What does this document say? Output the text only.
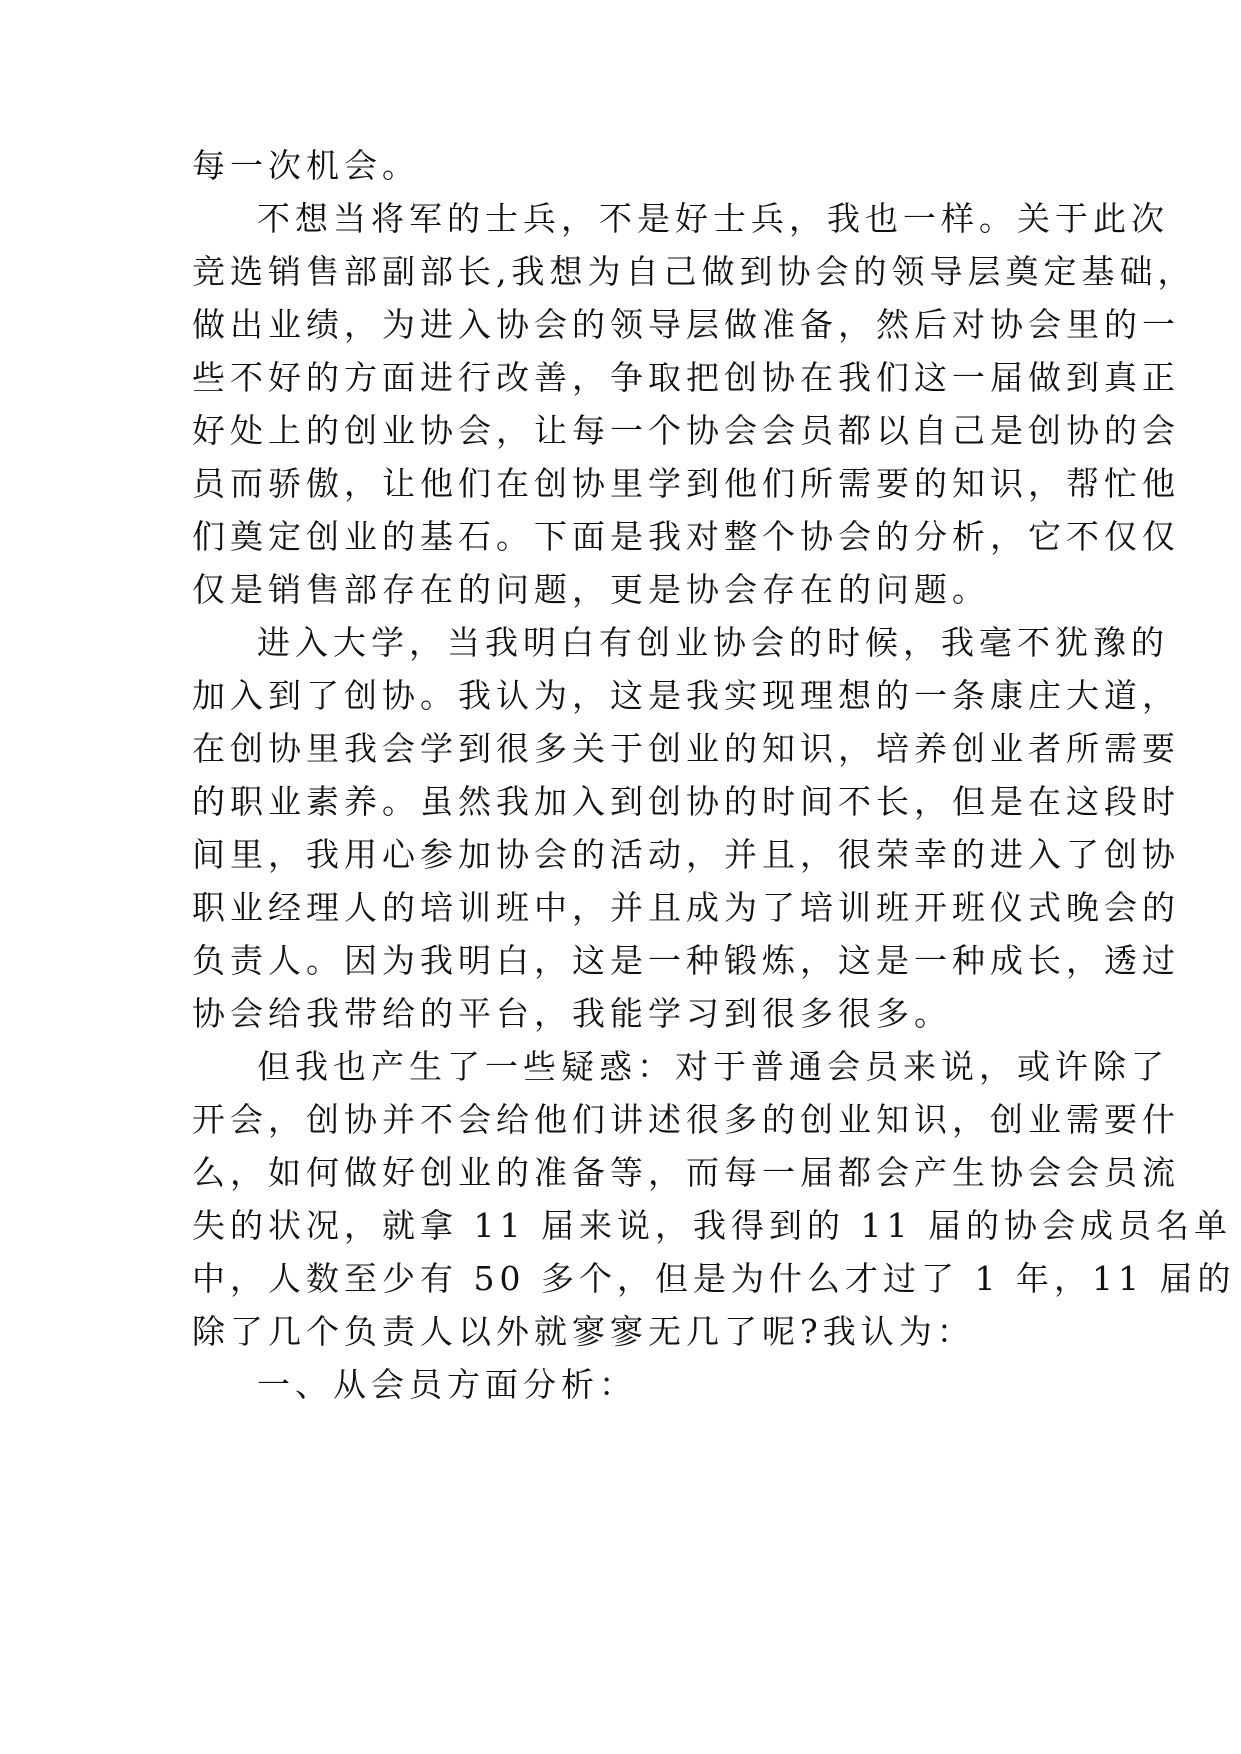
每一次机会。
不想当将军的士兵，不是好士兵，我也一样。关于此次
竞选销售部副部长,我想为自己做到协会的领导层奠定基础，
做出业绩，为进入协会的领导层做准备，然后对协会里的一
些不好的方面进行改善，争取把创协在我们这一届做到真正
好处上的创业协会，让每一个协会会员都以自己是创协的会
员而骄傲，让他们在创协里学到他们所需要的知识，帮忙他
们奠定创业的基石。下面是我对整个协会的分析，它不仅仅
仅是销售部存在的问题，更是协会存在的问题。
进入大学，当我明白有创业协会的时候，我毫不犹豫的
加入到了创协。我认为，这是我实现理想的一条康庄大道，
在创协里我会学到很多关于创业的知识，培养创业者所需要
的职业素养。虽然我加入到创协的时间不长，但是在这段时
间里，我用心参加协会的活动，并且，很荣幸的进入了创协
职业经理人的培训班中，并且成为了培训班开班仪式晚会的
负责人。因为我明白，这是一种锻炼，这是一种成长，透过
协会给我带给的平台，我能学习到很多很多。
但我也产生了一些疑惑：对于普通会员来说，或许除了
开会，创协并不会给他们讲述很多的创业知识，创业需要什
么，如何做好创业的准备等，而每一届都会产生协会会员流
失的状况，就拿 11 届来说，我得到的 11 届的协会成员名单
中，人数至少有 50 多个，但是为什么才过了 1 年，11 届的
除了几个负责人以外就寥寥无几了呢?我认为：
一、从会员方面分析：
